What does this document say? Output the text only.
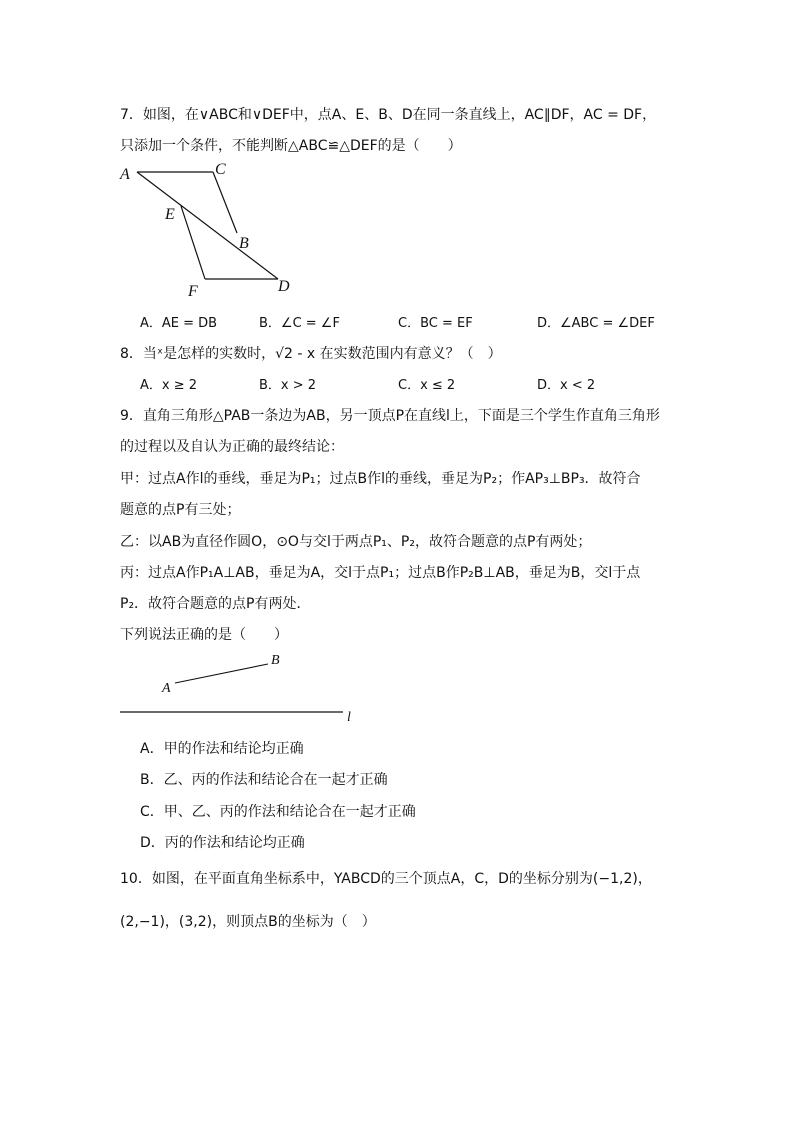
7．如图，在∨ABC和∨DEF中，点A、E、B、D在同一条直线上，AC∥DF，AC = DF，
只添加一个条件，不能判断△ABC≌△DEF的是（　　）
A	C
E
B
F	D
A．AE = DB	B．∠C = ∠F	C．BC = EF	D．∠ABC = ∠DEF
8．当ˣ是怎样的实数时，√2 - x 在实数范围内有意义？（　）
A．x ≥ 2	B．x > 2	C．x ≤ 2	D．x < 2
9．直角三角形△PAB一条边为AB，另一顶点P在直线l上，下面是三个学生作直角三角形
的过程以及自认为正确的最终结论：
甲：过点A作l的垂线，垂足为P₁；过点B作l的垂线，垂足为P₂；作AP₃⊥BP₃．故符合
题意的点P有三处；
乙：以AB为直径作圆O，⊙O与交l于两点P₁、P₂，故符合题意的点P有两处；
丙：过点A作P₁A⊥AB，垂足为A，交l于点P₁；过点B作P₂B⊥AB，垂足为B，交l于点
P₂．故符合题意的点P有两处．
下列说法正确的是（　　）
A
B
l
A．甲的作法和结论均正确
B．乙、丙的作法和结论合在一起才正确
C．甲、乙、丙的作法和结论合在一起才正确
D．丙的作法和结论均正确
10．如图，在平面直角坐标系中，YABCD的三个顶点A，C，D的坐标分别为(−1,2)，
(2,−1)，(3,2)，则顶点B的坐标为（　）
